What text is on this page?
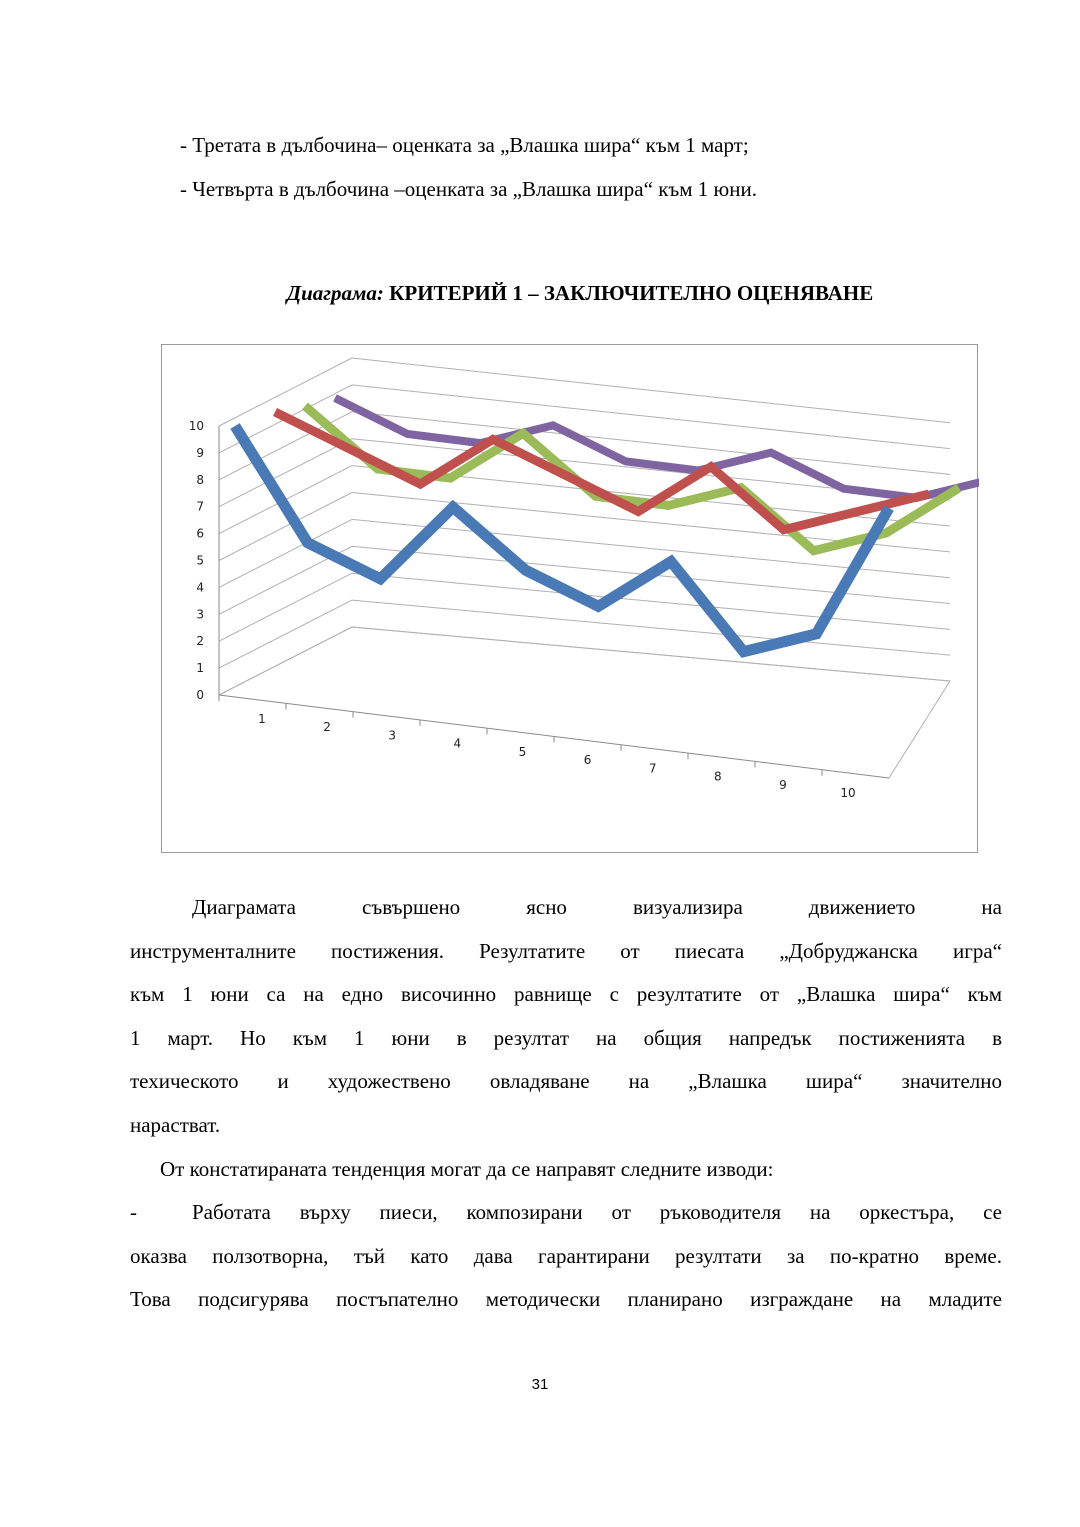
- Третата в дълбочина– оценката за „Влашка шира“ към 1 март;
- Четвърта в дълбочина –оценката за „Влашка шира“ към 1 юни.
Диаграма: КРИТЕРИЙ 1 – ЗАКЛЮЧИТЕЛНО ОЦЕНЯВАНЕ
0
1
2
3
4
5
6
7
8
9
10
1
2
3
4
5
6
7
8
9
10
Диаграмата съвършено ясно визуализира движението на
инструменталните постижения. Резултатите от пиесата „Добруджанска игра“
към 1 юни са на едно височинно равнище с резултатите от „Влашка шира“ към
1 март. Но към 1 юни в резултат на общия напредък постиженията в
техическото и художествено овладяване на „Влашка шира“ значително
нарастват.
От констатираната тенденция могат да се направят следните изводи:
-	Работата върху пиеси, композирани от ръководителя на оркестъра, се
оказва ползотворна, тъй като дава гарантирани резултати за по-кратно време.
Това подсигурява постъпателно методически планирано изграждане на младите
31
